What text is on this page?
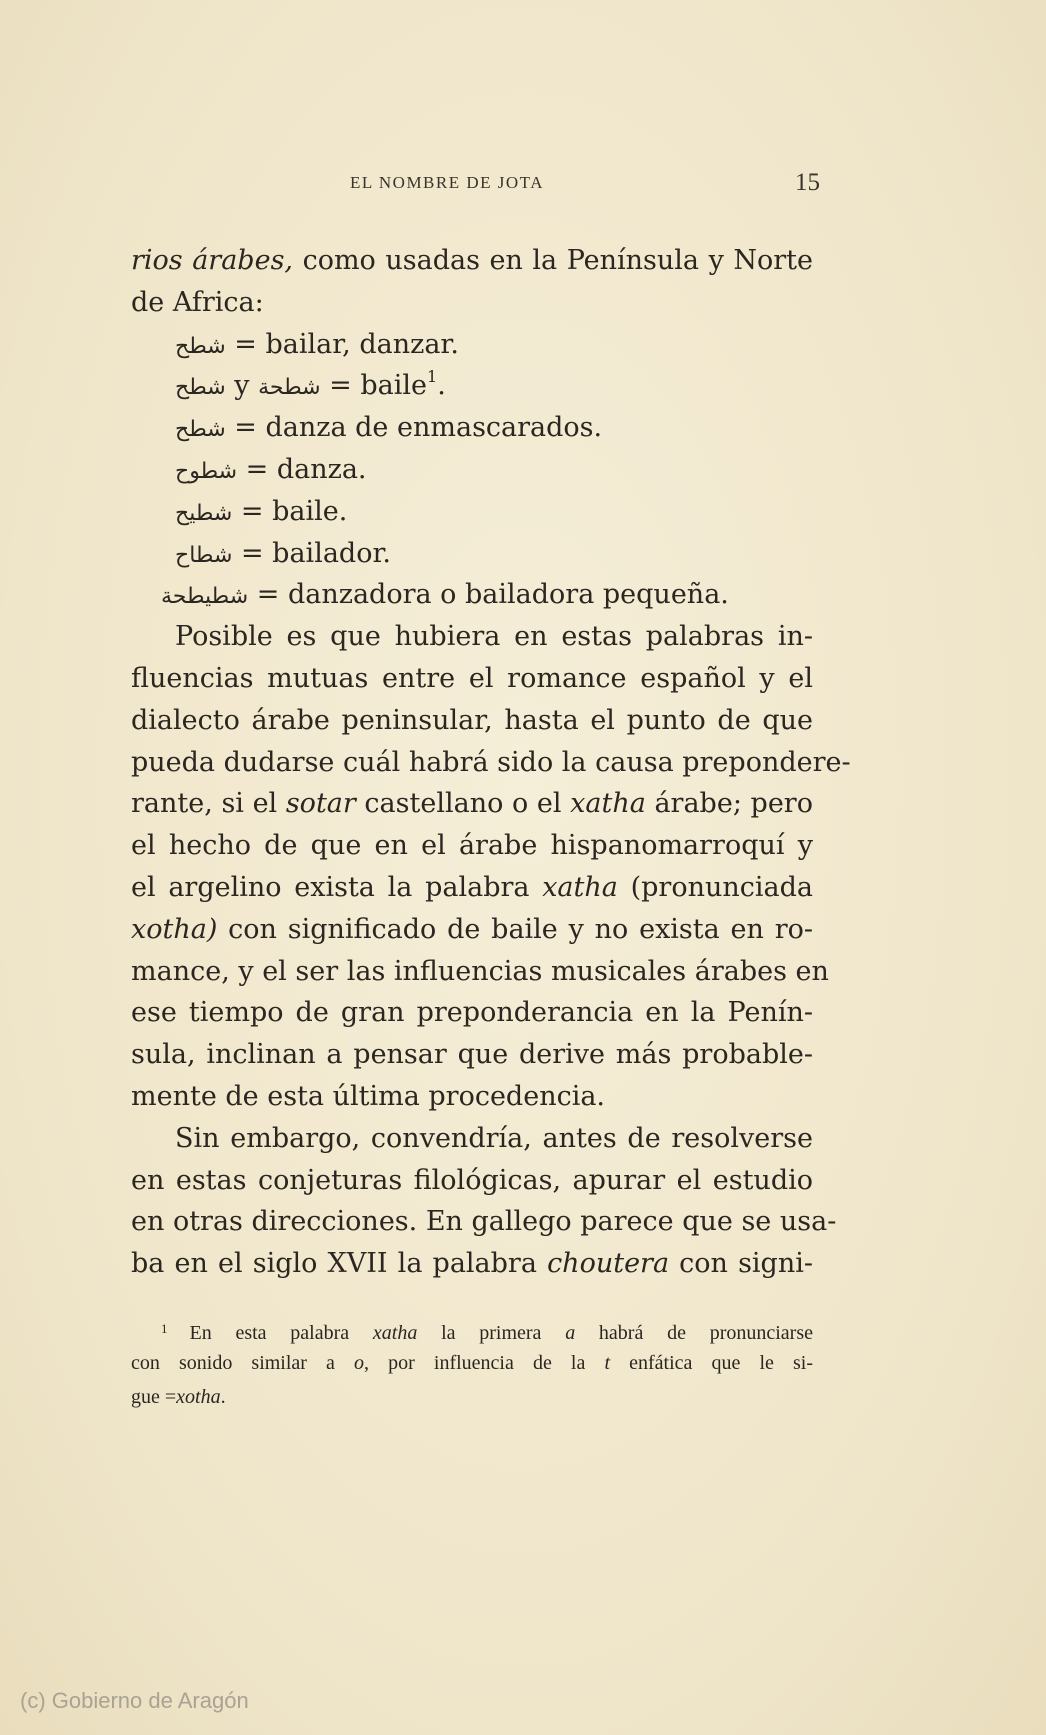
EL NOMBRE DE JOTA	15
rios árabes, como usadas en la Península y Norte
de Africa:
شطح = bailar, danzar.
شطح y شطحة = baile$^1$.
شطح = danza de enmascarados.
شطوح = danza.
شطيح = baile.
شطاح = bailador.
شطيطحة = danzadora o bailadora pequeña.
Posible es que hubiera en estas palabras in-
fluencias mutuas entre el romance español y el
dialecto árabe peninsular, hasta el punto de que
pueda dudarse cuál habrá sido la causa prepondere-
rante, si el sotar castellano o el xatha árabe; pero
el hecho de que en el árabe hispanomarroquí y
el argelino exista la palabra xatha (pronunciada
xotha) con significado de baile y no exista en ro-
mance, y el ser las influencias musicales árabes en
ese tiempo de gran preponderancia en la Penín-
sula, inclinan a pensar que derive más probable-
mente de esta última procedencia.
Sin embargo, convendría, antes de resolverse
en estas conjeturas filológicas, apurar el estudio
en otras direcciones. En gallego parece que se usa-
ba en el siglo XVII la palabra choutera con signi-
$^1$ En esta palabra xatha la primera a habrá de pronunciarse
con sonido similar a o, por influencia de la t enfática que le si-
gue =xotha.
(c) Gobierno de Aragón
